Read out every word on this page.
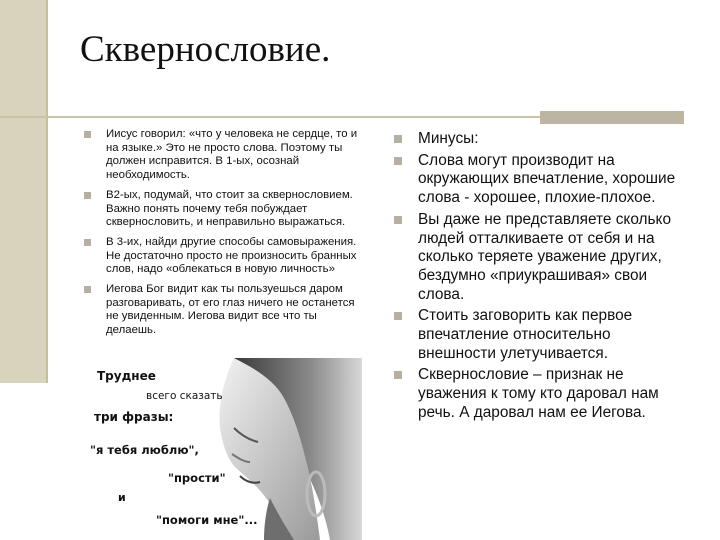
Сквернословие.
Иисус говорил: «что у человека не сердце, то и на языке.» Это не просто слова. Поэтому ты должен исправится. В 1-ых, осознай необходимость.
В2-ых, подумай, что стоит за сквернословием. Важно понять почему тебя побуждает сквернословить, и неправильно выражаться.
В 3-их, найди другие способы самовыражения. Не достаточно просто не произносить бранных слов, надо «облекаться в новую личность»
Иегова Бог видит как ты пользуешься даром разговаривать, от его глаз ничего не останется не увиденным. Иегова видит все что ты делаешь.
Минусы:
Слова могут производит на окружающих впечатление, хорошие слова - хорошее, плохие-плохое.
Вы даже не представляете сколько людей отталкиваете от себя и на сколько теряете уважение других, бездумно «приукрашивая» свои слова.
Стоить заговорить как первое впечатление относительно внешности улетучивается.
Сквернословие – признак не уважения к тому кто даровал нам речь. А даровал нам ее Иегова.
Труднее
всего сказать
три фразы:
"я тебя люблю",
"прости"
и
"помоги мне"...
